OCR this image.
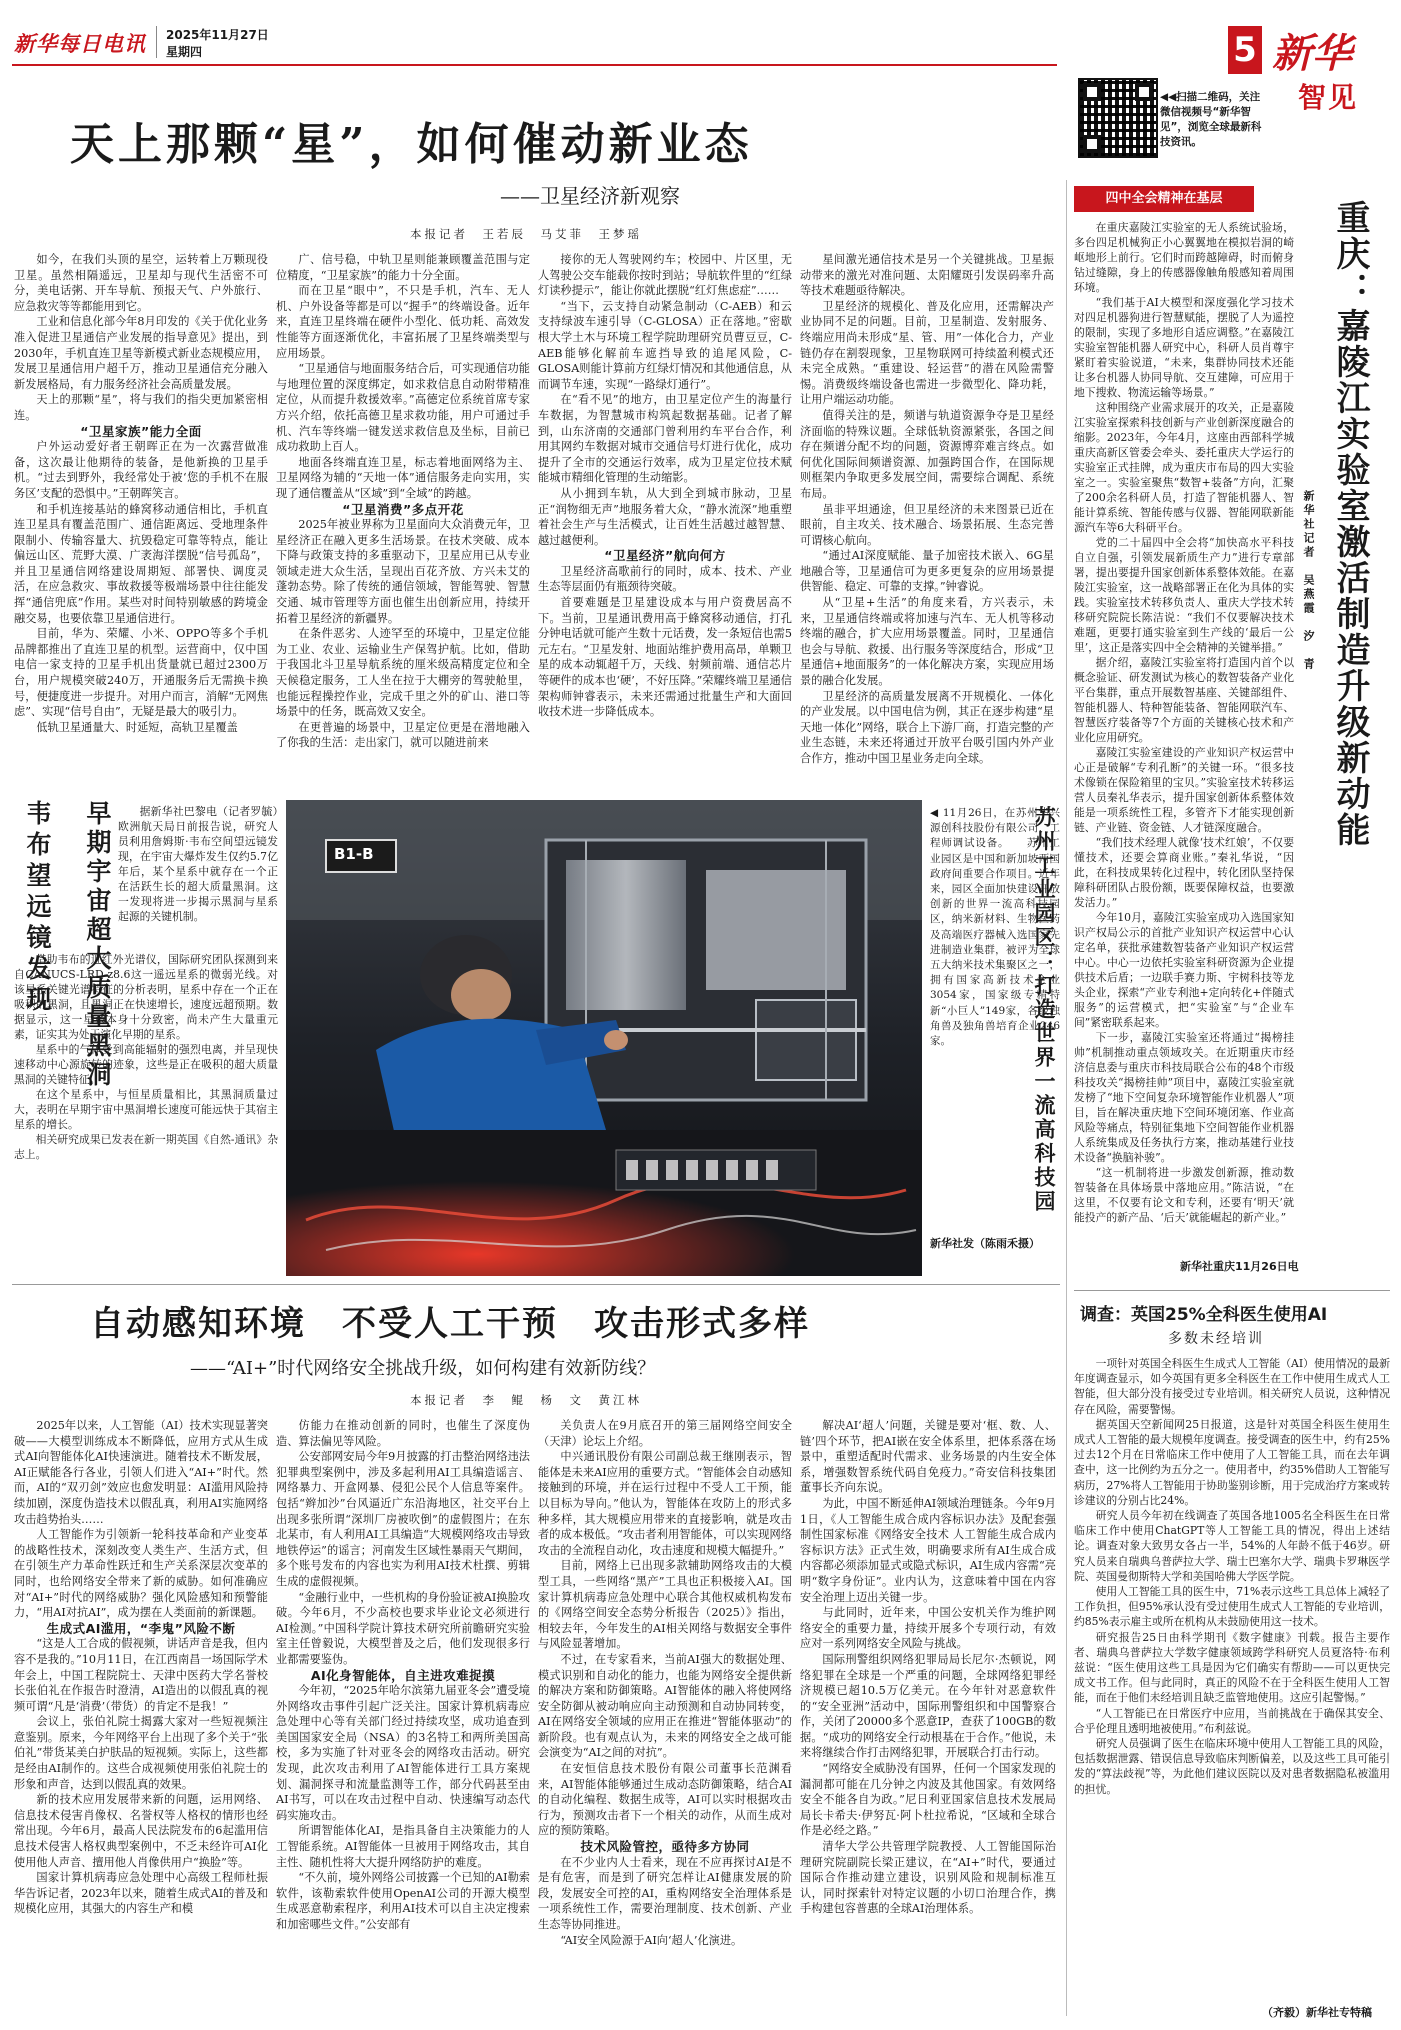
新华每日电讯 2025年11月27日
星期四	5 新华
智见
◀◀扫描二维码，关注微信视频号“新华智见”，浏览全球最新科技资讯。
天上那颗“星”，如何催动新业态
——卫星经济新观察
本报记者　王若辰　马艾菲　王梦瑶

如今，在我们头顶的星空，运转着上万颗现役卫星。虽然相隔遥远，卫星却与现代生活密不可分，美电话粥、开车导航、预报天气、户外旅行、应急救灾等等都能用到它。

工业和信息化部今年8月印发的《关于优化业务准入促进卫星通信产业发展的指导意见》提出，到2030年，手机直连卫星等新模式新业态规模应用，发展卫星通信用户超千万，推动卫星通信充分融入新发展格局，有力服务经济社会高质量发展。

天上的那颗“星”，将与我们的指尖更加紧密相连。

“卫星家族”能力全面

户外运动爱好者王朝晖正在为一次露营做准备，这次最让他期待的装备，是他新换的卫星手机。“过去到野外，我经常处于被‘您的手机不在服务区’支配的恐惧中。”王朝晖笑言。

和手机连接基站的蜂窝移动通信相比，手机直连卫星具有覆盖范围广、通信距离远、受地理条件限制小、传输容量大、抗毁稳定可靠等特点，能让偏远山区、荒野大漠、广袤海洋摆脱“信号孤岛”，并且卫星通信网络建设周期短、部署快、调度灵活，在应急救灾、事故救援等极端场景中往往能发挥“通信兜底”作用。某些对时间特别敏感的跨境金融交易，也要依靠卫星通信进行。

目前，华为、荣耀、小米、OPPO等多个手机品牌都推出了直连卫星的机型。运营商中，仅中国电信一家支持的卫星手机出货量就已超过2300万台，用户规模突破240万，开通服务后无需换卡换号，便捷度进一步提升。对用户而言，消解“无网焦虑”、实现“信号自由”，无疑是最大的吸引力。

低轨卫星通量大、时延短，高轨卫星覆盖

广、信号稳，中轨卫星则能兼顾覆盖范围与定位精度，“卫星家族”的能力十分全面。

而在卫星“眼中”，不只是手机，汽车、无人机、户外设备等都是可以“握手”的终端设备。近年来，直连卫星终端在硬件小型化、低功耗、高效发性能等方面逐渐优化，丰富拓展了卫星终端类型与应用场景。

“卫星通信与地面服务结合后，可实现通信功能与地理位置的深度绑定，如求救信息自动附带精准定位，从而提升救援效率。”高德定位系统首席专家方兴介绍，依托高德卫星求救功能，用户可通过手机、汽车等终端一键发送求救信息及坐标，目前已成功救助上百人。

地面各终端直连卫星，标志着地面网络为主、卫星网络为辅的“天地一体”通信服务走向实用，实现了通信覆盖从“区域”到“全域”的跨越。

“卫星消费”多点开花

2025年被业界称为卫星面向大众消费元年，卫星经济正在融入更多生活场景。在技术突破、成本下降与政策支持的多重驱动下，卫星应用已从专业领域走进大众生活，呈现出百花齐放、方兴未艾的蓬勃态势。除了传统的通信领域，智能驾驶、智慧交通、城市管理等方面也催生出创新应用，持续开拓着卫星经济的新疆界。

在条件恶劣、人迹罕至的环境中，卫星定位能为工业、农业、运输业生产保驾护航。比如，借助于我国北斗卫星导航系统的厘米级高精度定位和全天候稳定服务，工人坐在拉于大棚旁的驾驶舱里，也能远程操控作业，完成千里之外的矿山、港口等场景中的任务，既高效又安全。

在更普遍的场景中，卫星定位更是在潜地融入了你我的生活：走出家门，就可以随进前来

接你的无人驾驶网约车；校园中、片区里，无人驾驶公交车能载你按时到站；导航软件里的“红绿灯读秒提示”，能让你就此摆脱“红灯焦虑症”……

“当下，云支持自动紧急制动（C-AEB）和云支持绿波车速引导（C-GLOSA）正在落地。”密歇根大学土木与环境工程学院助理研究员曹豆豆，C-AEB能够化解前车遮挡导致的追尾风险，C-GLOSA则能计算前方红绿灯情况和其他通信息，从而调节车速，实现“一路绿灯通行”。

在“看不见”的地方，由卫星定位产生的海量行车数据，为智慧城市构筑起数据基础。记者了解到，山东济南的交通部门曾利用约车平台合作，利用其网约车数据对城市交通信号灯进行优化，成功提升了全市的交通运行效率，成为卫星定位技术赋能城市精细化管理的生动缩影。

从小拥到车轨，从大到全到城市脉动，卫星正“润物细无声”地服务着大众，“静水流深”地重塑着社会生产与生活模式，让百姓生活越过越智慧、越过越便利。

“卫星经济”航向何方

卫星经济高歌前行的同时，成本、技术、产业生态等层面仍有瓶颈待突破。

首要难题是卫星建设成本与用户资费居高不下。当前，卫星通讯费用高于蜂窝移动通信，打孔分钟电话就可能产生数十元话费，发一条短信也需5元左右。“卫星发射、地面站维护费用高昂，单颗卫星的成本动辄超千万，天线、射频前端、通信芯片等硬件的成本也‘硬’，不好压降。”荣耀终端卫星通信架构师钟睿表示，未来还需通过批量生产和大面回收技术进一步降低成本。

星间激光通信技术是另一个关键挑战。卫星振动带来的激光对准问题、太阳耀斑引发误码率升高等技术难题亟待解决。

卫星经济的规模化、普及化应用，还需解决产业协同不足的问题。目前，卫星制造、发射服务、终端应用尚未形成“星、管、用”一体化合力，产业链仍存在割裂现象，卫星物联网可持续盈利模式还未完全成熟。“重建设、轻运营”的潜在风险需警惕。消费级终端设备也需进一步微型化、降功耗，让用户端运动功能。

值得关注的是，频谱与轨道资源争夺是卫星经济面临的特殊议题。全球低轨资源紧张，各国之间存在频谱分配不均的问题，资源博弈难言终点。如何优化国际间频谱资源、加强跨国合作，在国际规则框架内争取更多发展空间，需要综合调配、系统布局。

虽非平坦通途，但卫星经济的未来图景已近在眼前，自主攻关、技术融合、场景拓展、生态完善可谓核心航向。

“通过AI深度赋能、量子加密技术嵌入、6G星地融合等，卫星通信可为更多更复杂的应用场景提供智能、稳定、可靠的支撑。”钟睿说。

从“卫星+生活”的角度来看，方兴表示，未来，卫星通信终端或将加速与汽车、无人机等移动终端的融合，扩大应用场景覆盖。同时，卫星通信也会与导航、救援、出行服务等深度结合，形成“卫星通信+地面服务”的一体化解决方案，实现应用场景的融合化发展。

卫星经济的高质量发展离不开规模化、一体化的产业发展。以中国电信为例，其正在逐步构建“星天地一体化”网络，联合上下游厂商，打造完整的产业生态链，未来还将通过开放平台吸引国内外产业合作方，推动中国卫星业务走向全球。

早期宇宙超大质量黑洞
韦布望远镜发现	据新华社巴黎电（记者罗毓）欧洲航天局日前报告说，研究人员利用詹姆斯·韦布空间望远镜发现，在宇宙大爆炸发生仅约5.7亿年后，某个星系中就存在一个正在活跃生长的超大质量黑洞。这一发现将进一步揭示黑洞与星系起源的关键机制。

借助韦布的近红外光谱仪，国际研究团队探测到来自CANUCS-LRD-z8.6这一遥远星系的微弱光线。对该星系关键光谱特征的分析表明，星系中存在一个正在吸积的黑洞，且黑洞正在快速增长，速度远超预期。数据显示，这一星系本身十分致密，尚未产生大量重元素，证实其为处于演化早期的星系。

星系中的气体受到高能辐射的强烈电离，并呈现快速移动中心源旋转的迹象，这些是正在吸积的超大质量黑洞的关键特征。

在这个星系中，与恒星质量相比，其黑洞质量过大，表明在早期宇宙中黑洞增长速度可能远快于其宿主星系的增长。

相关研究成果已发表在新一期英国《自然-通讯》杂志上。

B1-B

◀ 11月26日，在苏州华兴源创科技股份有限公司，工程师调试设备。　　苏州工业园区是中国和新加坡两国政府间重要合作项目。近年来，园区全面加快建设开放创新的世界一流高科技园区，纳米新材料、生物医药及高端医疗器械入选国家先进制造业集群，被评为全球五大纳米技术集聚区之一，拥有国家高新技术企业3054家，国家级专精特新“小巨人”149家，各级独角兽及独角兽培育企业246家。

新华社发（陈雨禾摄）
苏州工业园区：打造世界一流高科技园
四中全会精神在基层
重庆：嘉陵江实验室激活制造升级新动能
新华社记者　吴燕霞　汐　青

在重庆嘉陵江实验室的无人系统试验场，多台四足机械狗正小心翼翼地在模拟岩洞的崎岖地形上前行。它们时而跨越障碍，时而俯身钻过缝隙，身上的传感器像触角般感知着周围环境。

“我们基于AI大模型和深度强化学习技术对四足机器狗进行智慧赋能，摆脱了人为遥控的限制，实现了多地形自适应调整。”在嘉陵江实验室智能机器人研究中心，科研人员肖尊宇紧盯着实验说道，“未来，集群协同技术还能让多台机器人协同导航、交互建障，可应用于地下搜救、物流运输等场景。”

这种围绕产业需求展开的攻关，正是嘉陵江实验室探索科技创新与产业创新深度融合的缩影。2023年，今年4月，这座由西部科学城重庆高新区管委会牵头、委托重庆大学运行的实验室正式挂牌，成为重庆市布局的四大实验室之一。实验室聚焦“数智+装备”方向，汇聚了200余名科研人员，打造了智能机器人、智能计算系统、智能传感与仪器、智能网联新能源汽车等6大科研平台。

党的二十届四中全会将“加快高水平科技自立自强，引领发展新质生产力”进行专章部署，提出要提升国家创新体系整体效能。在嘉陵江实验室，这一战略部署正在化为具体的实践。实验室技术转移负责人、重庆大学技术转移研究院院长陈洁说：“我们不仅要解决技术难题，更要打通实验室到生产线的‘最后一公里’，这正是落实四中全会精神的关键举措。”

据介绍，嘉陵江实验室将打造国内首个以概念验证、研发测试为核心的数智装备产业化平台集群，重点开展数智基座、关键部组件、智能机器人、特种智能装备、智能网联汽车、智慧医疗装备等7个方面的关键核心技术和产业化应用研究。

嘉陵江实验室建设的产业知识产权运营中心正是破解“专利孔断”的关键一环。“很多技术像锁在保险箱里的宝贝。”实验室技术转移运营人员秦礼华表示，提升国家创新体系整体效能是一项系统性工程，多管齐下才能实现创新链、产业链、资金链、人才链深度融合。

“我们技术经理人就像‘技术红娘’，不仅要懂技术，还要会算商业账。”秦礼华说，“因此，在科技成果转化过程中，转化团队坚持保障科研团队占股份额，既要保障权益，也要激发活力。”

今年10月，嘉陵江实验室成功入选国家知识产权局公示的首批产业知识产权运营中心认定名单，获批承建数智装备产业知识产权运营中心。中心一边依托实验室科研资源为企业提供技术后盾；一边联手赛力斯、宇树科技等龙头企业，探索“产业专利池+定向转化+伴随式服务”的运营模式，把“实验室”与“企业车间”紧密联系起来。

下一步，嘉陵江实验室还将通过“揭榜挂帅”机制推动重点领域攻关。在近期重庆市经济信息委与重庆市科技局联合公布的48个市级科技攻关“揭榜挂帅”项目中，嘉陵江实验室就发榜了“地下空间复杂环境智能作业机器人”项目，旨在解决重庆地下空间环境闭塞、作业高风险等痛点，特别征集地下空间智能作业机器人系统集成及任务执行方案，推动基建行业技术设备“换脑补骏”。

“这一机制将进一步激发创新源，推动数智装备在具体场景中落地应用。”陈洁说，“在这里，不仅要有论文和专利，还要有‘明天’就能投产的新产品、‘后天’就能崛起的新产业。”

新华社重庆11月26日电
自动感知环境　不受人工干预　攻击形式多样
——“AI+”时代网络安全挑战升级，如何构建有效新防线？
本报记者　李　鲲　杨　文　黄江林

2025年以来，人工智能（AI）技术实现显著突破——大模型训练成本不断降低，应用方式从生成式AI向智能体化AI快速演进。随着技术不断发展，AI正赋能各行各业，引领人们进入“AI+”时代。然而，AI的“双刃剑”效应也愈发明显：AI滥用风险持续加剧，深度伪造技术以假乱真，利用AI实施网络攻击趋势抬头……

人工智能作为引领新一轮科技革命和产业变革的战略性技术，深刻改变人类生产、生活方式，但在引领生产力革命性跃迁和生产关系深层次变革的同时，也给网络安全带来了新的威胁。如何准确应对“AI+”时代的网络威胁？强化风险感知和预警能力，“用AI对抗AI”，成为摆在人类面前的新课题。

生成式AI滥用，“李鬼”风险不断

“这是人工合成的假视频，讲话声音是我，但内容不是我的。”10月11日，在江西南昌一场国际学术年会上，中国工程院院士、天津中医药大学名誉校长张伯礼在作报告时澄清，AI造出的以假乱真的视频可谓“凡是‘消费’（带货）的肯定不是我！”

会议上，张伯礼院士揭露大家对一些短视频注意鉴别。原来，今年网络平台上出现了多个关于“张伯礼”带货某美白护肤品的短视频。实际上，这些都是经由AI制作的。这些合成视频使用张伯礼院士的形象和声音，达到以假乱真的效果。

新的技术应用发展带来新的问题，运用网络、信息技术侵害肖像权、名誉权等人格权的情形也经常出现。今年6月，最高人民法院发布的6起滥用信息技术侵害人格权典型案例中，不乏未经许可AI化使用他人声音、擅用他人肖像供用户“换脸”等。

国家计算机病毒应急处理中心高级工程师杜振华告诉记者，2023年以来，随着生成式AI的普及和规模化应用，其强大的内容生产和模

仿能力在推动创新的同时，也催生了深度伪造、算法偏见等风险。

公安部网安局今年9月披露的打击整治网络违法犯罪典型案例中，涉及多起利用AI工具编造谣言、网络暴力、开盒网暴、侵犯公民个人信息等案件。包括“辫加沙”台风逼近广东沿海地区，社交平台上出现多张所谓“深圳厂房被吹倒”的虚假图片；在东北某市，有人利用AI工具编造“大规模网络攻击导致地铁停运”的谣言；河南发生区域性暴雨天气期间，多个账号发布的内容也实为利用AI技术杜撰、剪辑生成的虚假视频。

“金融行业中，一些机构的身份验证被AI换脸攻破。今年6月，不少高校也要求毕业论文必须进行AI检测。”中国科学院计算技术研究所前瞻研究实验室主任曾毅说，大模型普及之后，他们发现很多行业都需要鉴伪。

AI化身智能体，自主进攻难捉摸

今年初，“2025年哈尔滨第九届亚冬会”遭受境外网络攻击事件引起广泛关注。国家计算机病毒应急处理中心等有关部门经过持续攻坚，成功追查到美国国家安全局（NSA）的3名特工和两所美国高校，多为实施了针对亚冬会的网络攻击活动。研究发现，此次攻击利用了AI智能体进行工具方案规划、漏洞探寻和流量监测等工作，部分代码甚至由AI书写，可以在攻击过程中自动、快速编写动态代码实施攻击。

所谓智能体化AI，是指具备自主决策能力的人工智能系统。AI智能体一旦被用于网络攻击，其自主性、随机性将大大提升网络防护的难度。

“不久前，境外网络公司披露一个已知的AI勒索软件，该勒索软件使用OpenAI公司的开源大模型生成恶意勒索程序，利用AI技术可以自主决定搜索和加密哪些文件。”公安部有

关负责人在9月底召开的第三届网络空间安全（天津）论坛上介绍。

中兴通讯股份有限公司副总裁王继刚表示，智能体是未来AI应用的重要方式。“智能体会自动感知接触到的环境，并在运行过程中不受人工干预，能以目标为导向。”他认为，智能体在攻防上的形式多种多样，其大规模应用带来的直接影响，就是攻击者的成本极低。“攻击者利用智能体，可以实现网络攻击的全流程自动化，攻击速度和规模大幅提升。”

目前，网络上已出现多款辅助网络攻击的大模型工具，一些网络“黑产”工具也正积极接入AI。国家计算机病毒应急处理中心联合其他权威机构发布的《网络空间安全态势分析报告（2025）》指出，相较去年，今年发生的AI相关网络与数据安全事件与风险显著增加。

不过，在专家看来，当前AI强大的数据处理、模式识别和自动化的能力，也能为网络安全提供新的解决方案和防御策略。AI智能体的融入将使网络安全防御从被动响应向主动预测和自动协同转变，AI在网络安全领域的应用正在推进“智能体驱动”的新阶段。也有观点认为，未来的网络安全之战可能会演变为“AI之间的对抗”。

在安恒信息技术股份有限公司董事长范渊看来，AI智能体能够通过生成动态防御策略，结合AI的自动化编程、数据生成等，AI可以实时根据攻击行为，预测攻击者下一个相关的动作，从而生成对应的预防策略。

技术风险管控，亟待多方协同

在不少业内人士看来，现在不应再探讨AI是不是有危害，而是到了研究怎样让AI健康发展的阶段，发展安全可控的AI，重构网络安全治理体系是一项系统性工作，需要治理制度、技术创新、产业生态等协同推进。

“AI安全风险源于AI向‘超人’化演进。

解决AI‘超人’问题，关键是要对‘框、数、人、链’四个环节，把AI嵌在安全体系里，把体系落在场景中，重塑适配时代需求、业务场景的内生安全体系，增强数智系统代码自免疫力。”奇安信科技集团董事长齐向东说。

为此，中国不断延伸AI领域治理链条。今年9月1日，《人工智能生成合成内容标识办法》及配套强制性国家标准《网络安全技术 人工智能生成合成内容标识方法》正式生效，明确要求所有AI生成合成内容都必须添加显式或隐式标识，AI生成内容需“亮明“数字身份证”。业内认为，这意味着中国在内容安全治理上迈出关键一步。

与此同时，近年来，中国公安机关作为维护网络安全的重要力量，持续开展多个专项行动，有效应对一系列网络安全风险与挑战。

国际刑警组织网络犯罪局局长尼尔·杰顿说，网络犯罪在全球是一个严重的问题，全球网络犯罪经济规模已超10.5万亿美元。在今年针对恶意软件的“安全亚洲”活动中，国际刑警组织和中国警察合作，关闭了20000多个恶意IP，查获了100GB的数据。“成功的网络安全行动根基在于合作。”他说，未来将继续合作打击网络犯罪，开展联合打击行动。

“网络安全威胁没有国界，任何一个国家发现的漏洞都可能在几分钟之内波及其他国家。有效网络安全不能各自为政。”尼日利亚国家信息技术发展局局长卡希夫·伊努瓦·阿卜杜拉希说，“区域和全球合作是必经之路。”

清华大学公共管理学院教授、人工智能国际治理研究院副院长梁正建议，在“AI+”时代，要通过国际合作推动建立建设，识别风险和规制标准互认，同时探索针对特定议题的小切口治理合作，携手构建包容普惠的全球AI治理体系。

调查：英国25%全科医生使用AI
多数未经培训

一项针对英国全科医生生成式人工智能（AI）使用情况的最新年度调查显示，如今英国有更多全科医生在工作中使用生成式人工智能，但大部分没有接受过专业培训。相关研究人员说，这种情况存在风险，需要警惕。

据英国天空新闻网25日报道，这是针对英国全科医生使用生成式人工智能的最大规模年度调查。接受调查的医生中，约有25%过去12个月在日常临床工作中使用了人工智能工具，而在去年调查中，这一比例约为五分之一。使用者中，约35%借助人工智能写病历，27%将人工智能用于协助鉴别诊断，用于完成治疗方案或转诊建议的分别占比24%。

研究人员今年初在线调查了英国各地1005名全科医生在日常临床工作中使用ChatGPT等人工智能工具的情况，得出上述结论。调查对象大致男女各占一半，54%的人年龄不低于46岁。研究人员来自瑞典乌普萨拉大学、瑞士巴塞尔大学、瑞典卡罗琳医学院、英国曼彻斯特大学和美国哈佛大学医学院。

使用人工智能工具的医生中，71%表示这些工具总体上减轻了工作负担，但95%承认没有受过使用生成式人工智能的专业培训，约85%表示雇主或所在机构从未鼓励使用这一技术。

研究报告25日由科学期刊《数字健康》刊载。报告主要作者、瑞典乌普萨拉大学数字健康领域跨学科研究人员夏洛特·布利兹说：“医生使用这些工具是因为它们确实有帮助——可以更快完成文书工作。但与此同时，真正的风险不在于全科医生使用人工智能，而在于他们未经培训且缺乏监管地使用。这应引起警惕。”

“人工智能已在日常医疗中应用，当前挑战在于确保其安全、合乎伦理且透明地被使用。”布利兹说。

研究人员强调了医生在临床环境中使用人工智能工具的风险，包括数据泄露、错误信息导致临床判断偏差，以及这些工具可能引发的“算法歧视”等，为此他们建议医院以及对患者数据隐私被滥用的担忧。

（齐毅）新华社专特稿
